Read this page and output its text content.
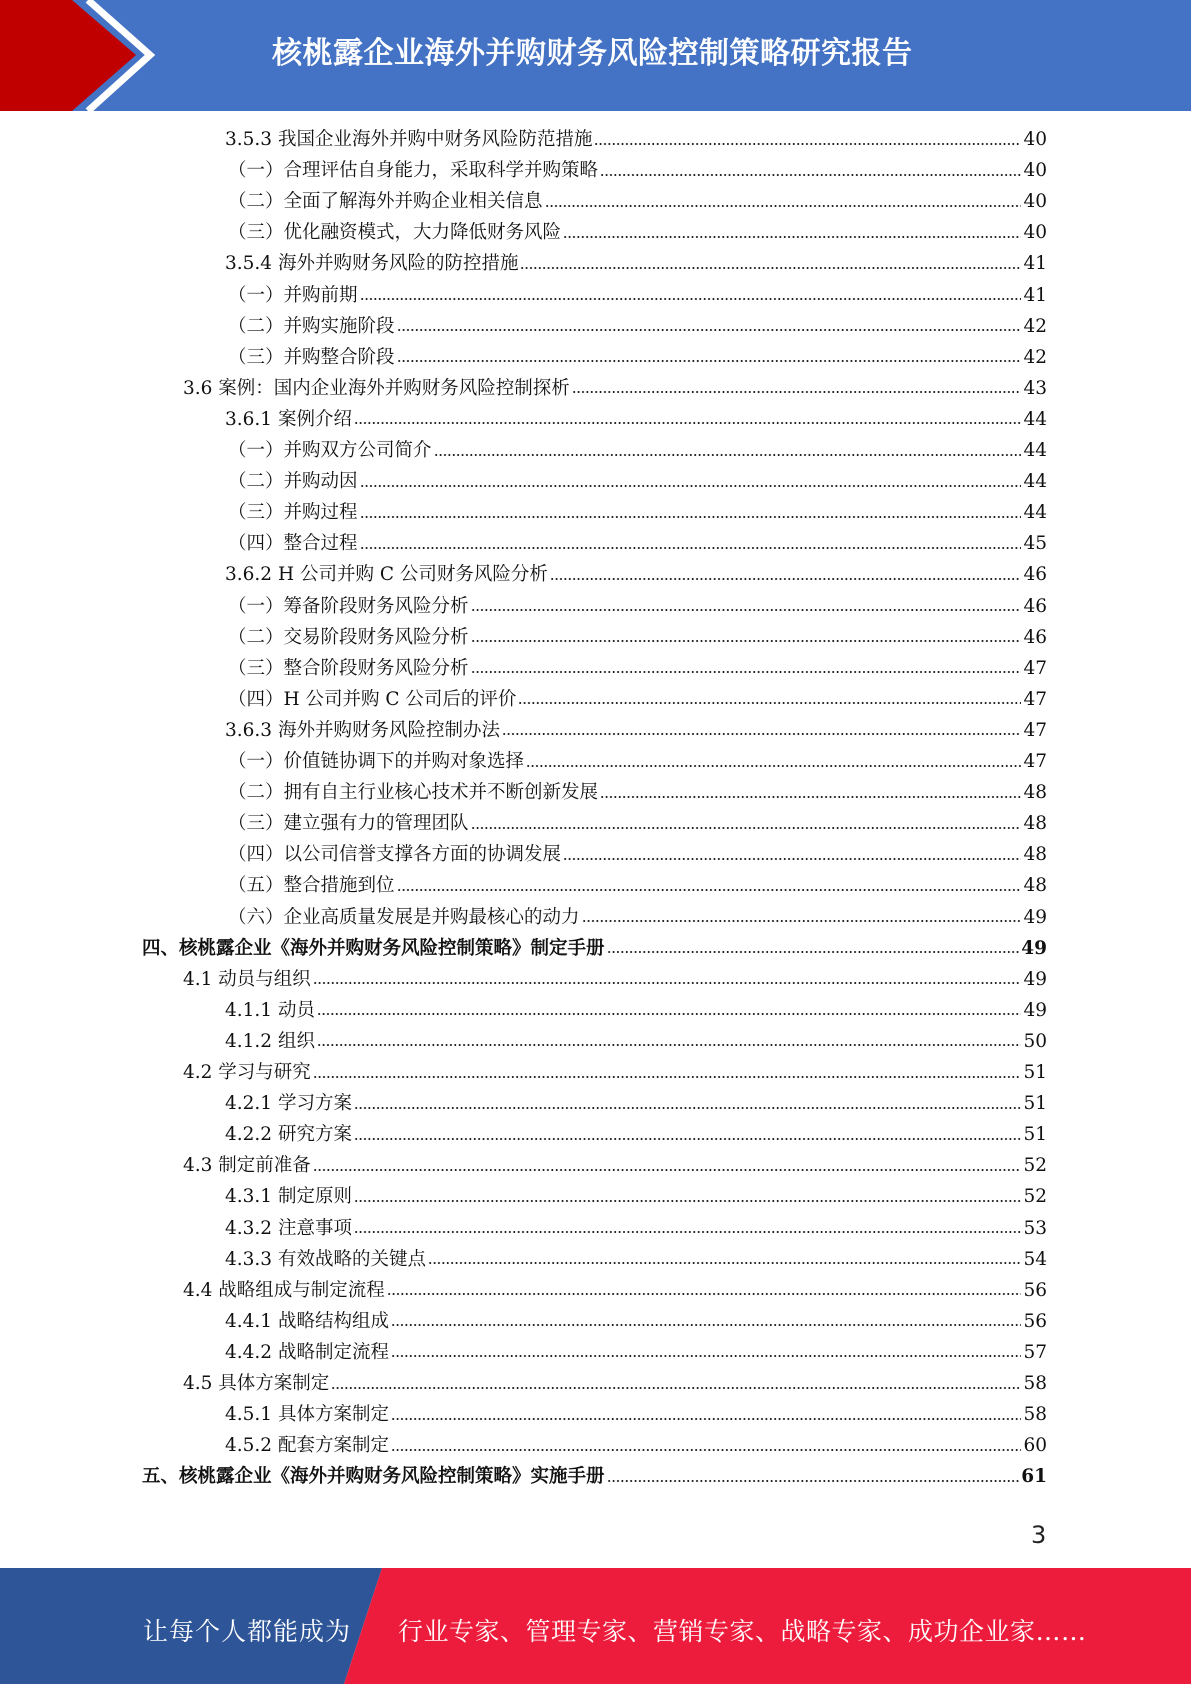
核桃露企业海外并购财务风险控制策略研究报告
3.5.3 我国企业海外并购中财务风险防范措施	40
（一）合理评估自身能力，采取科学并购策略	40
（二）全面了解海外并购企业相关信息	40
（三）优化融资模式，大力降低财务风险	40
3.5.4 海外并购财务风险的防控措施	41
（一）并购前期	41
（二）并购实施阶段	42
（三）并购整合阶段	42
3.6 案例：国内企业海外并购财务风险控制探析	43
3.6.1 案例介绍	44
（一）并购双方公司简介	44
（二）并购动因	44
（三）并购过程	44
（四）整合过程	45
3.6.2 H 公司并购 C 公司财务风险分析	46
（一）筹备阶段财务风险分析	46
（二）交易阶段财务风险分析	46
（三）整合阶段财务风险分析	47
（四）H 公司并购 C 公司后的评价	47
3.6.3 海外并购财务风险控制办法	47
（一）价值链协调下的并购对象选择	47
（二）拥有自主行业核心技术并不断创新发展	48
（三）建立强有力的管理团队	48
（四）以公司信誉支撑各方面的协调发展	48
（五）整合措施到位	48
（六）企业高质量发展是并购最核心的动力	49
四、核桃露企业《海外并购财务风险控制策略》制定手册	49
4.1 动员与组织	49
4.1.1 动员	49
4.1.2 组织	50
4.2 学习与研究	51
4.2.1 学习方案	51
4.2.2 研究方案	51
4.3 制定前准备	52
4.3.1 制定原则	52
4.3.2 注意事项	53
4.3.3 有效战略的关键点	54
4.4 战略组成与制定流程	56
4.4.1 战略结构组成	56
4.4.2 战略制定流程	57
4.5 具体方案制定	58
4.5.1 具体方案制定	58
4.5.2 配套方案制定	60
五、核桃露企业《海外并购财务风险控制策略》实施手册	61
3
让每个人都能成为 行业专家、管理专家、营销专家、战略专家、成功企业家……
